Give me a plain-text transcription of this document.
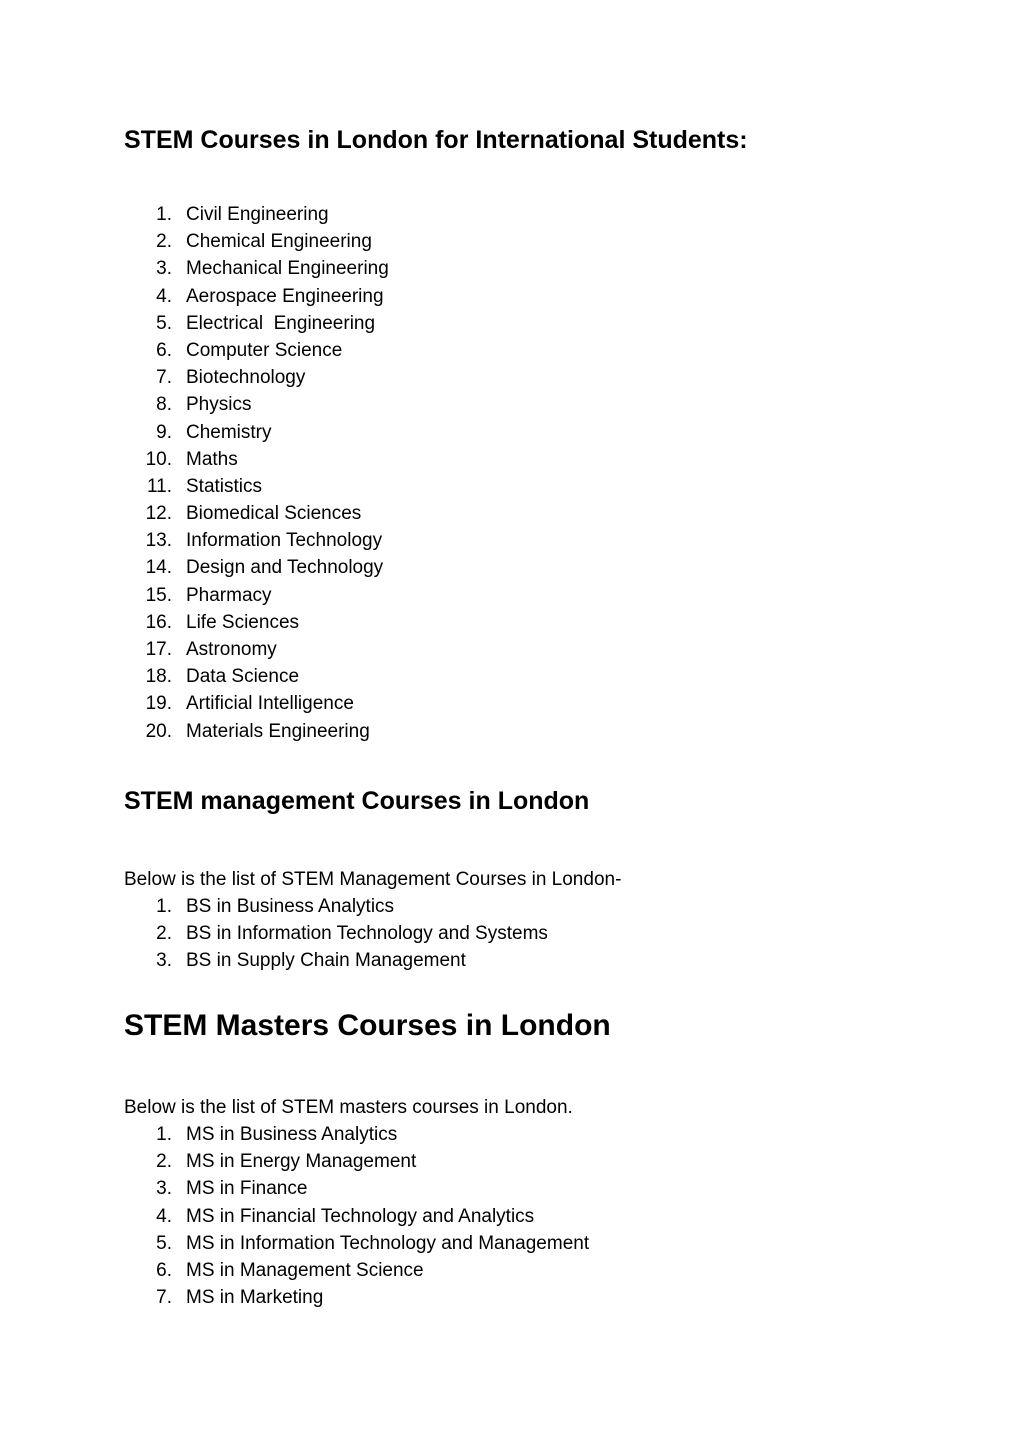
STEM Courses in London for International Students:
1. Civil Engineering
2. Chemical Engineering
3. Mechanical Engineering
4. Aerospace Engineering
5. Electrical  Engineering
6. Computer Science
7. Biotechnology
8. Physics
9. Chemistry
10. Maths
11. Statistics
12. Biomedical Sciences
13. Information Technology
14. Design and Technology
15. Pharmacy
16. Life Sciences
17. Astronomy
18. Data Science
19. Artificial Intelligence
20. Materials Engineering
STEM management Courses in London

Below is the list of STEM Management Courses in London-

1. BS in Business Analytics
2. BS in Information Technology and Systems
3. BS in Supply Chain Management
STEM Masters Courses in London

Below is the list of STEM masters courses in London.

1. MS in Business Analytics
2. MS in Energy Management
3. MS in Finance
4. MS in Financial Technology and Analytics
5. MS in Information Technology and Management
6. MS in Management Science
7. MS in Marketing
